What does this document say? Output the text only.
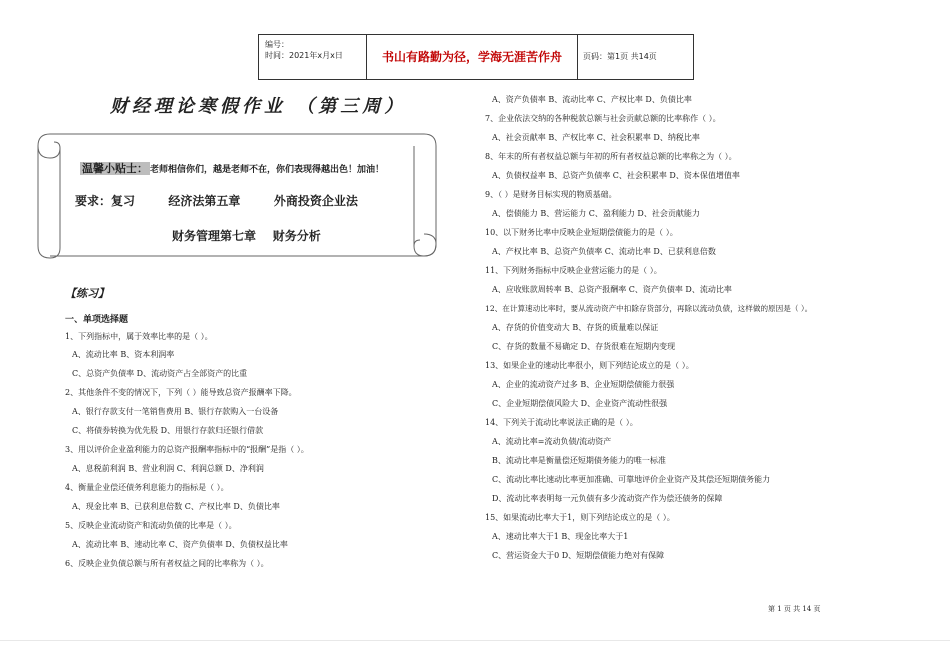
编号：
时间：2021年x月x日	书山有路勤为径，学海无涯苦作舟	页码：第1页 共14页
财经理论寒假作业 （第三周）
温馨小贴士： 老师相信你们，越是老师不在，你们表现得越出色！加油！
要求：复习        经济法第五章        外商投资企业法
财务管理第七章    财务分析
【练习】
一、单项选择题
1、下列指标中，属于效率比率的是（ ）。
A、流动比率 B、资本利润率
C、总资产负债率 D、流动资产占全部资产的比重
2、其他条件不变的情况下，下列（ ）能导致总资产报酬率下降。
A、银行存款支付一笔销售费用 B、银行存款购入一台设备
C、将债券转换为优先股 D、用银行存款归还银行借款
3、用以评价企业盈利能力的总资产报酬率指标中的“报酬”是指（ ）。
A、息税前利润 B、营业利润 C、利润总额 D、净利润
4、衡量企业偿还债务利息能力的指标是（ ）。
A、现金比率 B、已获利息倍数 C、产权比率 D、负债比率
5、反映企业流动资产和流动负债的比率是（ ）。
A、流动比率 B、速动比率 C、资产负债率 D、负债权益比率
6、反映企业负债总额与所有者权益之间的比率称为（ ）。
A、资产负债率 B、流动比率 C、产权比率 D、负债比率
7、企业依法交纳的各种税款总额与社会贡献总额的比率称作（ ）。
A、社会贡献率 B、产权比率 C、社会积累率 D、纳税比率
8、年末的所有者权益总额与年初的所有者权益总额的比率称之为（ ）。
A、负债权益率 B、总资产负债率 C、社会积累率 D、资本保值增值率
9、（ ）是财务目标实现的物质基础。
A、偿债能力 B、营运能力 C、盈利能力 D、社会贡献能力
10、以下财务比率中反映企业短期偿债能力的是（ ）。
A、产权比率 B、总资产负债率 C、流动比率 D、已获利息倍数
11、下列财务指标中反映企业营运能力的是（ ）。
A、应收账款周转率 B、总资产报酬率 C、资产负债率 D、流动比率
12、在计算速动比率时，要从流动资产中扣除存货部分，再除以流动负债，这样做的原因是（ ）。
A、存货的价值变动大 B、存货的质量难以保证
C、存货的数量不易确定 D、存货很难在短期内变现
13、如果企业的速动比率很小，则下列结论成立的是（ ）。
A、企业的流动资产过多 B、企业短期偿债能力很强
C、企业短期偿债风险大 D、企业资产流动性很强
14、下列关于流动比率说法正确的是（ ）。
A、流动比率=流动负债/流动资产
B、流动比率是衡量偿还短期债务能力的唯一标准
C、流动比率比速动比率更加准确、可靠地评价企业资产及其偿还短期债务能力
D、流动比率表明每一元负债有多少流动资产作为偿还债务的保障
15、如果流动比率大于1，则下列结论成立的是（ ）。
A、速动比率大于1 B、现金比率大于1
C、营运资金大于0 D、短期偿债能力绝对有保障
第 1 页 共 14 页
